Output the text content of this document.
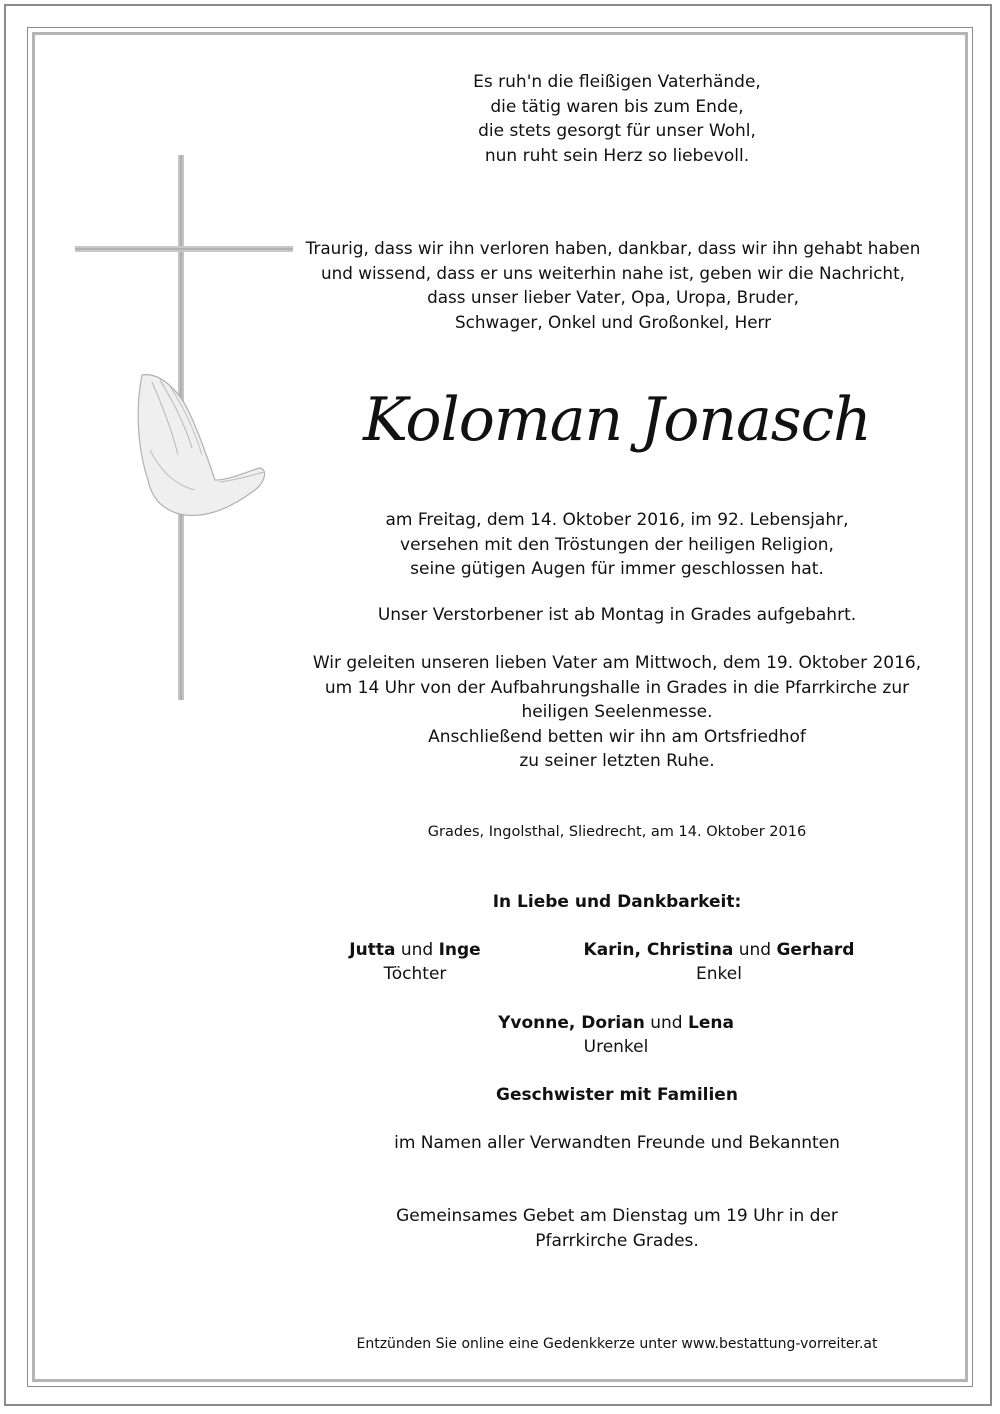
Es ruh'n die fleißigen Vaterhände,
die tätig waren bis zum Ende,
die stets gesorgt für unser Wohl,
nun ruht sein Herz so liebevoll.

Traurig, dass wir ihn verloren haben, dankbar, dass wir ihn gehabt haben
und wissend, dass er uns weiterhin nahe ist, geben wir die Nachricht,
dass unser lieber Vater, Opa, Uropa, Bruder,
Schwager, Onkel und Großonkel, Herr

Koloman Jonasch

am Freitag, dem 14. Oktober 2016, im 92. Lebensjahr,
versehen mit den Tröstungen der heiligen Religion,
seine gütigen Augen für immer geschlossen hat.

Unser Verstorbener ist ab Montag in Grades aufgebahrt.

Wir geleiten unseren lieben Vater am Mittwoch, dem 19. Oktober 2016,
um 14 Uhr von der Aufbahrungshalle in Grades in die Pfarrkirche zur
heiligen Seelenmesse.
Anschließend betten wir ihn am Ortsfriedhof
zu seiner letzten Ruhe.

Grades, Ingolsthal, Sliedrecht, am 14. Oktober 2016

In Liebe und Dankbarkeit:

Jutta und Inge
Töchter
Karin, Christina und Gerhard
Enkel
Yvonne, Dorian und Lena
Urenkel

Geschwister mit Familien

im Namen aller Verwandten Freunde und Bekannten

Gemeinsames Gebet am Dienstag um 19 Uhr in der
Pfarrkirche Grades.

Entzünden Sie online eine Gedenkkerze unter www.bestattung-vorreiter.at
